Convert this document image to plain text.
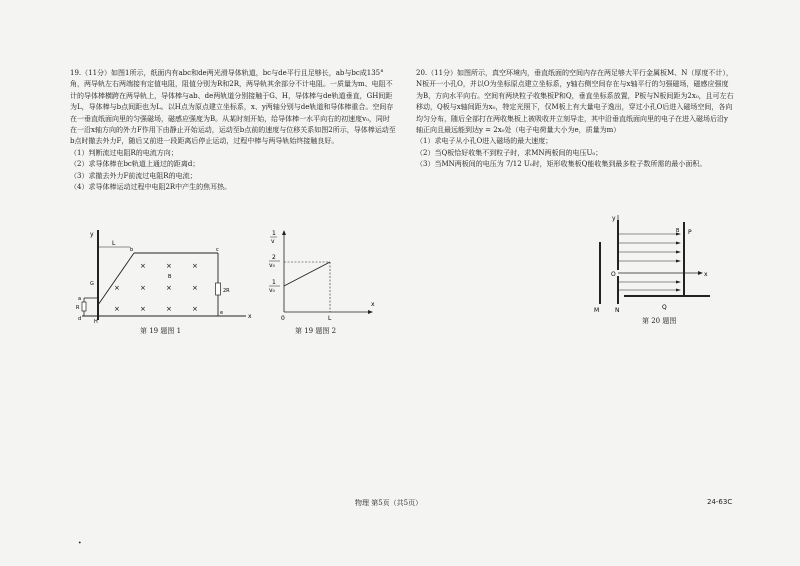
19.（11分）如图1所示，纸面内有abc和de两光滑导体轨道，bc与de平行且足够长，ab与bc成135°角，两导轨左右两端接有定值电阻，阻值分别为R和2R，两导轨其余部分不计电阻。一质量为m、电阻不计的导体棒横跨在两导轨上，导体棒与ab、de两轨道分别接触于G、H，导体棒与de轨道垂直，GH间距为L，导体棒与b点间距也为L。以H点为原点建立坐标系，x、y两轴分别与de轨道和导体棒重合。空间存在一垂直纸面向里的匀强磁场，磁感应强度为B。从某时刻开始，给导体棒一水平向右的初速度v₀，同时在一沿x轴方向的外力F作用下由静止开始运动，运动至b点前的速度与位移关系如图2所示，导体棒运动至b点时撤去外力F，随后又前进一段距离后停止运动，过程中棒与两导轨始终接触良好。

（1）判断流过电阻R的电流方向；

（2）求导体棒在bc轨道上通过的距离d；

（3）求撤去外力F前流过电阻R的电流；

（4）求导体棒运动过程中电阻2R中产生的焦耳热。

20.（11分）如图所示，真空环境内，垂直纸面的空间内存在两足够大平行金属板M、N（厚度不计），N板开一小孔O，并以O为坐标原点建立坐标系，y轴右侧空间存在与x轴平行的匀强磁场，磁感应强度为B，方向水平向右。空间有两块粒子收集板P和Q，垂直坐标系放置，P板与N板间距为2x₀，且可左右移动，Q板与x轴间距为x₀，特定光照下，仅M板上有大量电子逸出，穿过小孔O后进入磁场空间，各向均匀分布，随后全部打在两收集板上被吸收并立刻导走，其中沿垂直纸面向里的电子在进入磁场后沿y轴正向且最远能到达y = 2x₀处（电子电荷量大小为e，质量为m）

（1）求电子从小孔O进入磁场的最大速度；

（2）当Q板恰好收集不到粒子时，求MN两板间的电压U₀；

（3）当MN两板间的电压为 7/12 U₀时，矩形收集板Q能收集到最多粒子数所需的最小面积。

y
L
b	c
x
R
a
d
G
H
2R
e
B
×	×	×
×	×	×	×
×	×	×	×
第 19 题图 1
1
v
2
v₀
1
v₀
0	L
x
第 19 题图 2
M	N
y
x
O
P
Q
B
第 20 题图
物理 第5页（共5页）	24-63C
•
